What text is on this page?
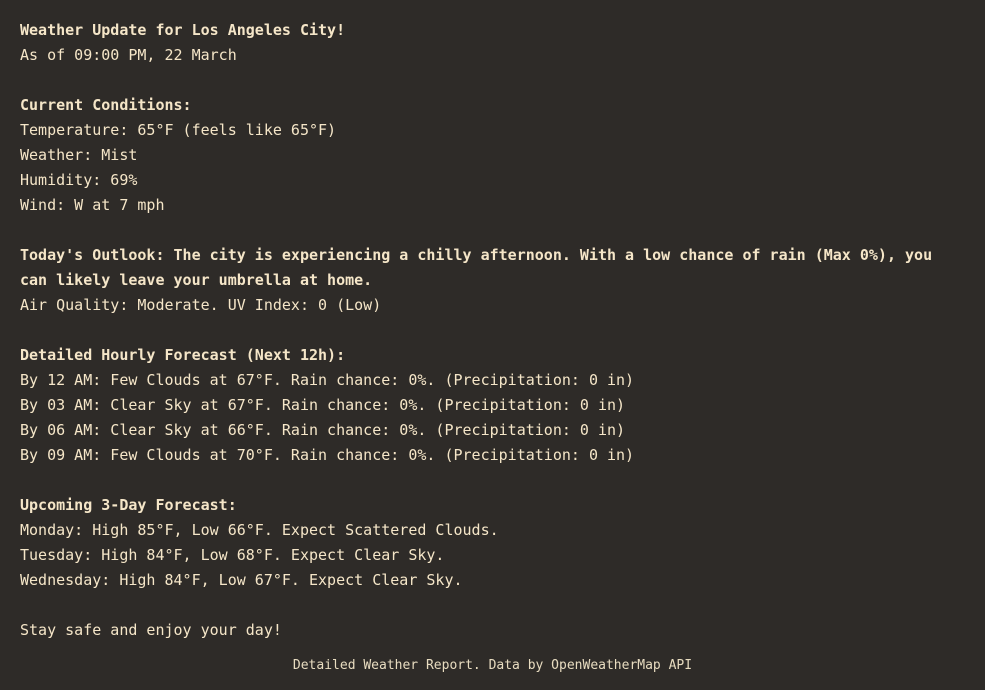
Weather Update for Los Angeles City!
As of 09:00 PM, 22 March
Current Conditions:
Temperature: 65°F (feels like 65°F)
Weather: Mist
Humidity: 69%
Wind: W at 7 mph
Today's Outlook: The city is experiencing a chilly afternoon. With a low chance of rain (Max 0%), you can likely leave your umbrella at home.
Air Quality: Moderate. UV Index: 0 (Low)
Detailed Hourly Forecast (Next 12h):
By 12 AM: Few Clouds at 67°F. Rain chance: 0%. (Precipitation: 0 in)
By 03 AM: Clear Sky at 67°F. Rain chance: 0%. (Precipitation: 0 in)
By 06 AM: Clear Sky at 66°F. Rain chance: 0%. (Precipitation: 0 in)
By 09 AM: Few Clouds at 70°F. Rain chance: 0%. (Precipitation: 0 in)
Upcoming 3-Day Forecast:
Monday: High 85°F, Low 66°F. Expect Scattered Clouds.
Tuesday: High 84°F, Low 68°F. Expect Clear Sky.
Wednesday: High 84°F, Low 67°F. Expect Clear Sky.
Stay safe and enjoy your day!
Detailed Weather Report. Data by OpenWeatherMap API
